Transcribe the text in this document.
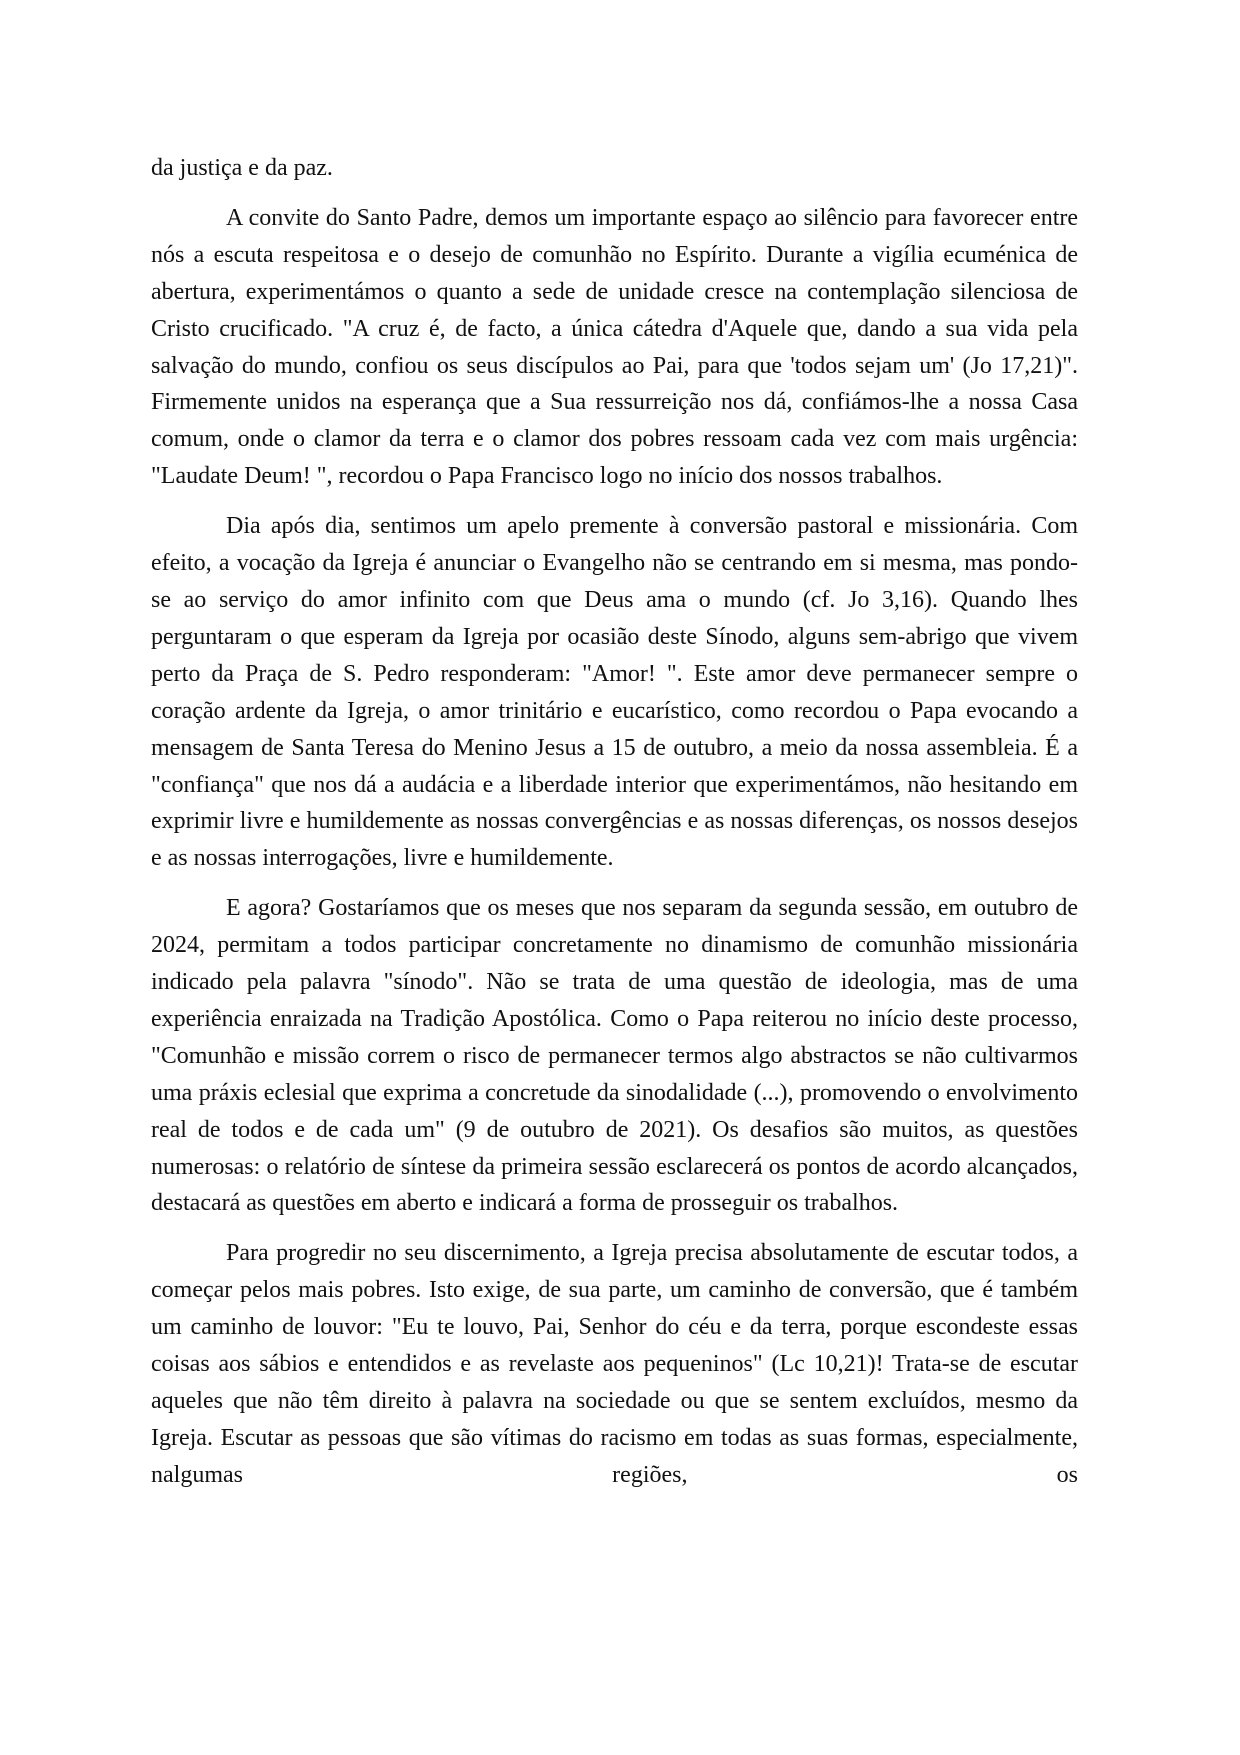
da justiça e da paz.

A convite do Santo Padre, demos um importante espaço ao silêncio para favorecer entre nós a escuta respeitosa e o desejo de comunhão no Espírito. Durante a vigília ecuménica de abertura, experimentámos o quanto a sede de unidade cresce na contemplação silenciosa de Cristo crucificado. "A cruz é, de facto, a única cátedra d'Aquele que, dando a sua vida pela salvação do mundo, confiou os seus discípulos ao Pai, para que 'todos sejam um' (Jo 17,21)". Firmemente unidos na esperança que a Sua ressurreição nos dá, confiámos-lhe a nossa Casa comum, onde o clamor da terra e o clamor dos pobres ressoam cada vez com mais urgência: "Laudate Deum! ", recordou o Papa Francisco logo no início dos nossos trabalhos.

Dia após dia, sentimos um apelo premente à conversão pastoral e missionária. Com efeito, a vocação da Igreja é anunciar o Evangelho não se centrando em si mesma, mas pondo-se ao serviço do amor infinito com que Deus ama o mundo (cf. Jo 3,16). Quando lhes perguntaram o que esperam da Igreja por ocasião deste Sínodo, alguns sem-abrigo que vivem perto da Praça de S. Pedro responderam: "Amor! ". Este amor deve permanecer sempre o coração ardente da Igreja, o amor trinitário e eucarístico, como recordou o Papa evocando a mensagem de Santa Teresa do Menino Jesus a 15 de outubro, a meio da nossa assembleia. É a "confiança" que nos dá a audácia e a liberdade interior que experimentámos, não hesitando em exprimir livre e humildemente as nossas convergências e as nossas diferenças, os nossos desejos e as nossas interrogações, livre e humildemente.

E agora? Gostaríamos que os meses que nos separam da segunda sessão, em outubro de 2024, permitam a todos participar concretamente no dinamismo de comunhão missionária indicado pela palavra "sínodo". Não se trata de uma questão de ideologia, mas de uma experiência enraizada na Tradição Apostólica. Como o Papa reiterou no início deste processo, "Comunhão e missão correm o risco de permanecer termos algo abstractos se não cultivarmos uma práxis eclesial que exprima a concretude da sinodalidade (...), promovendo o envolvimento real de todos e de cada um" (9 de outubro de 2021). Os desafios são muitos, as questões numerosas: o relatório de síntese da primeira sessão esclarecerá os pontos de acordo alcançados, destacará as questões em aberto e indicará a forma de prosseguir os trabalhos.

Para progredir no seu discernimento, a Igreja precisa absolutamente de escutar todos, a começar pelos mais pobres. Isto exige, de sua parte, um caminho de conversão, que é também um caminho de louvor: "Eu te louvo, Pai, Senhor do céu e da terra, porque escondeste essas coisas aos sábios e entendidos e as revelaste aos pequeninos" (Lc 10,21)! Trata-se de escutar aqueles que não têm direito à palavra na sociedade ou que se sentem excluídos, mesmo da Igreja. Escutar as pessoas que são vítimas do racismo em todas as suas formas, especialmente, nalgumas regiões, os
